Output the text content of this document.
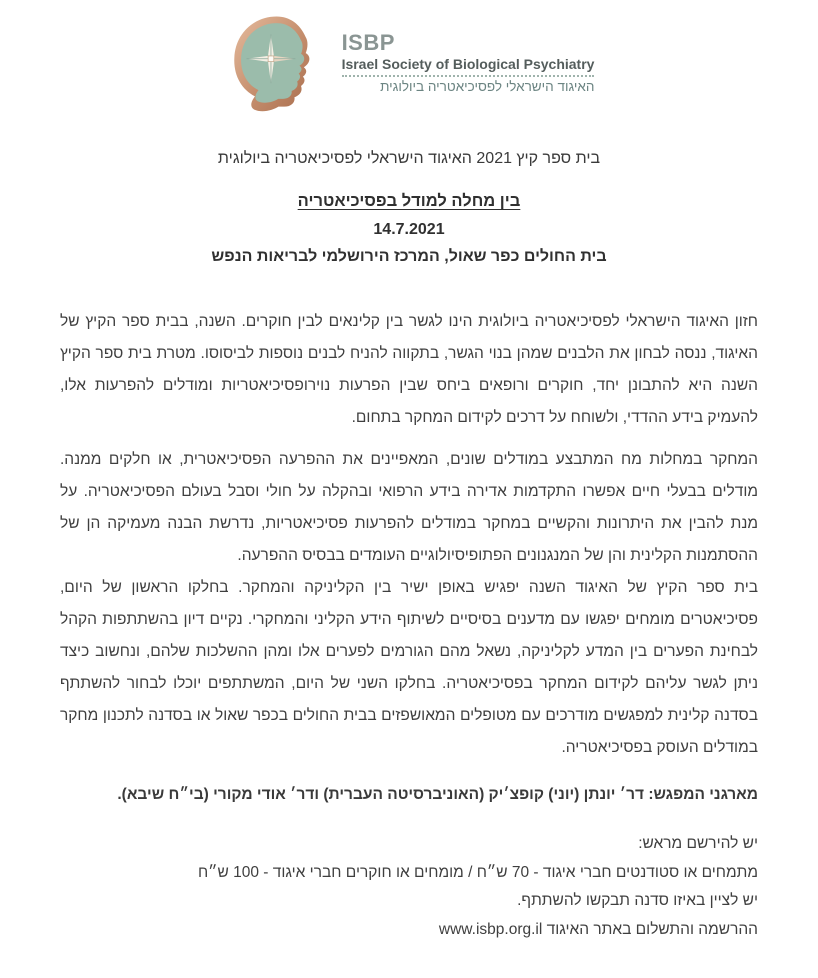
ISBP
Israel Society of Biological Psychiatry
האיגוד הישראלי לפסיכיאטריה ביולוגית
בית ספר קיץ 2021 האיגוד הישראלי לפסיכיאטריה ביולוגית
בין מחלה למודל בפסיכיאטריה
14.7.2021
בית החולים כפר שאול, המרכז הירושלמי לבריאות הנפש

חזון האיגוד הישראלי לפסיכיאטריה ביולוגית הינו לגשר בין קלינאים לבין חוקרים. השנה, בבית ספר הקיץ של האיגוד, ננסה לבחון את הלבנים שמהן בנוי הגשר, בתקווה להניח לבנים נוספות לביסוסו. מטרת בית ספר הקיץ השנה היא להתבונן יחד, חוקרים ורופאים ביחס שבין הפרעות נוירופסיכיאטריות ומודלים להפרעות אלו, להעמיק בידע ההדדי, ולשוחח על דרכים לקידום המחקר בתחום.

המחקר במחלות מח המתבצע במודלים שונים, המאפיינים את ההפרעה הפסיכיאטרית, או חלקים ממנה. מודלים בבעלי חיים אפשרו התקדמות אדירה בידע הרפואי ובהקלה על חולי וסבל בעולם הפסיכיאטריה. על מנת להבין את היתרונות והקשיים במחקר במודלים להפרעות פסיכיאטריות, נדרשת הבנה מעמיקה הן של ההסתמנות הקלינית והן של המנגנונים הפתופיסיולוגיים העומדים בבסיס ההפרעה.

בית ספר הקיץ של האיגוד השנה יפגיש באופן ישיר בין הקליניקה והמחקר. בחלקו הראשון של היום, פסיכיאטרים מומחים יפגשו עם מדענים בסיסיים לשיתוף הידע הקליני והמחקרי. נקיים דיון בהשתתפות הקהל לבחינת הפערים בין המדע לקליניקה, נשאל מהם הגורמים לפערים אלו ומהן ההשלכות שלהם, ונחשוב כיצד ניתן לגשר עליהם לקידום המחקר בפסיכיאטריה. בחלקו השני של היום, המשתתפים יוכלו לבחור להשתתף בסדנה קלינית למפגשים מודרכים עם מטופלים המאושפזים בבית החולים בכפר שאול או בסדנה לתכנון מחקר במודלים העוסק בפסיכיאטריה.

מארגני המפגש: דר׳ יונתן (יוני) קופצ׳יק (האוניברסיטה העברית) ודר׳ אודי מקורי (בי״ח שיבא).

יש להירשם מראש:
מתמחים או סטודנטים חברי איגוד - 70 ש״ח / מומחים או חוקרים חברי איגוד - 100 ש״ח
יש לציין באיזו סדנה תבקשו להשתתף.
ההרשמה והתשלום באתר האיגוד www.isbp.org.il
